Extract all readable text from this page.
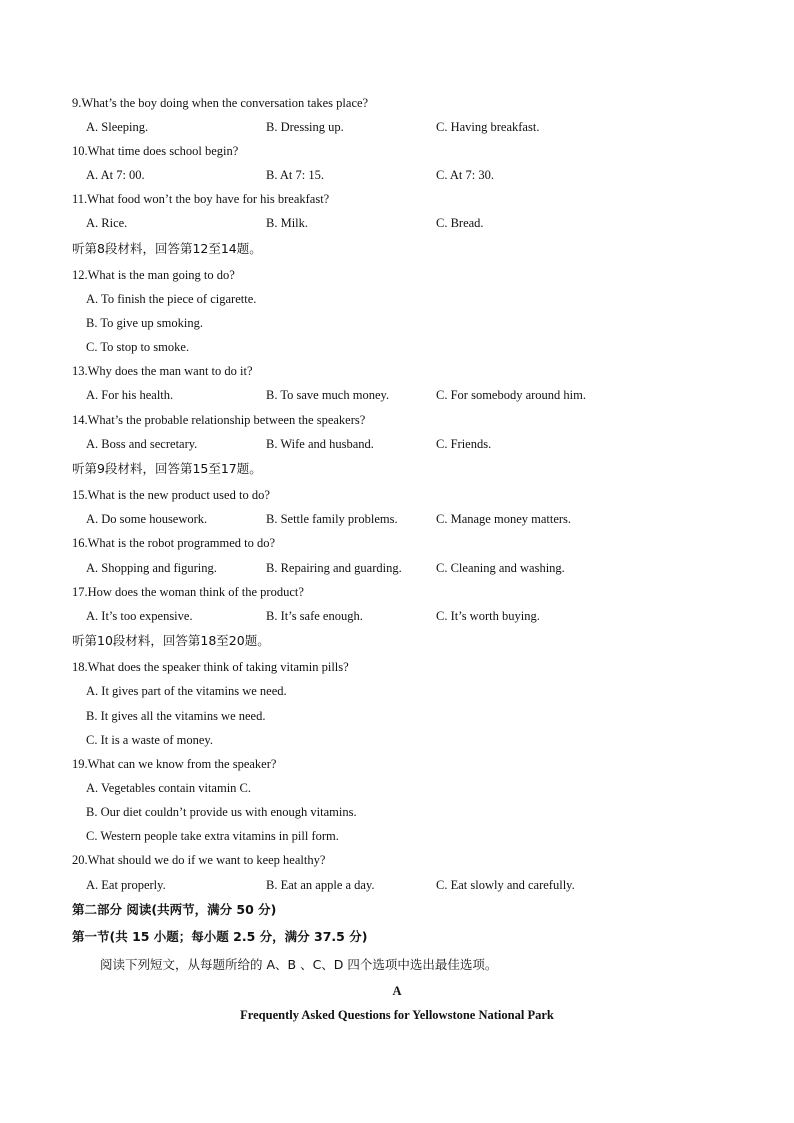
9.What’s the boy doing when the conversation takes place?
A. Sleeping.	B. Dressing up.	C. Having breakfast.
10.What time does school begin?
A. At 7: 00.	B. At 7: 15.	C. At 7: 30.
11.What food won’t the boy have for his breakfast?
A. Rice.	B. Milk.	C. Bread.
听第8段材料，回答第12至14题。
12.What is the man going to do?
A. To finish the piece of cigarette.
B. To give up smoking.
C. To stop to smoke.
13.Why does the man want to do it?
A. For his health.	B. To save much money.	C. For somebody around him.
14.What’s the probable relationship between the speakers?
A. Boss and secretary.	B. Wife and husband.	C. Friends.
听第9段材料，回答第15至17题。
15.What is the new product used to do?
A. Do some housework.	B. Settle family problems.	C. Manage money matters.
16.What is the robot programmed to do?
A. Shopping and figuring.	B. Repairing and guarding.	C. Cleaning and washing.
17.How does the woman think of the product?
A. It’s too expensive.	B. It’s safe enough.	C. It’s worth buying.
听第10段材料，回答第18至20题。
18.What does the speaker think of taking vitamin pills?
A. It gives part of the vitamins we need.
B. It gives all the vitamins we need.
C. It is a waste of money.
19.What can we know from the speaker?
A. Vegetables contain vitamin C.
B. Our diet couldn’t provide us with enough vitamins.
C. Western people take extra vitamins in pill form.
20.What should we do if we want to keep healthy?
A. Eat properly.	B. Eat an apple a day.	C. Eat slowly and carefully.
第二部分 阅读(共两节，满分 50 分)
第一节(共 15 小题；每小题 2.5 分，满分 37.5 分)
阅读下列短文，从每题所给的 A、B 、C、D 四个选项中选出最佳选项。
A
Frequently Asked Questions for Yellowstone National Park
